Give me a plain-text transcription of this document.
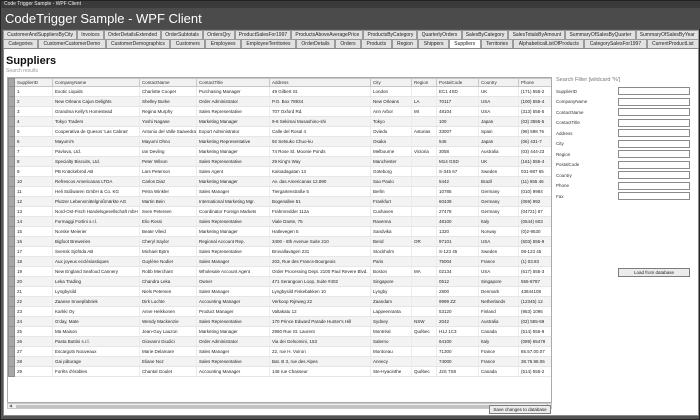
Code Trigger Sample - WPF Client
CodeTrigger Sample - WPF Client
CustomerAndSuppliersByCity	Invoices	OrderDetailsExtended	OrderSubtotals	OrdersQry	ProductSalesFor1997	ProductsAboveAveragePrice	ProductsByCategory	QuarterlyOrders	SalesByCategory	SalesTotalsByAmount	SummaryOfSalesByQuarter	SummaryOfSalesByYear
Categories	CustomerCustomerDemo	CustomerDemographics	Customers	Employees	EmployeeTerritories	OrderDetails	Orders	Products	Region	Shippers	Suppliers	Territories	AlphabeticalListOfProducts	CategorySalesFor1997	CurrentProductList
Suppliers
Search results
	SupplierID	CompanyName	ContactName	ContactTitle	Address	City	Region	PostalCode	Country	Phone
	1	Exotic Liquids	Charlotte Cooper	Purchasing Manager	49 Gilbert St.	London		EC1 4SD	UK	(171) 555-2
	2	New Orleans Cajun Delights	Shelley Burke	Order Administrator	P.O. Box 78934	New Orleans	LA	70117	USA	(100) 555-4
	3	Grandma Kelly's Homestead	Regina Murphy	Sales Representative	707 Oxford Rd.	Ann Arbor	MI	48104	USA	(313) 555-5
	4	Tokyo Traders	Yoshi Nagase	Marketing Manager	9-8 Sekimai Musashino-shi	Tokyo		100	Japan	(03) 3555-5
	5	Cooperativa de Quesos 'Las Cabras'	Antonio del Valle Saavedra	Export Administrator	Calle del Rosal 4	Oviedo	Asturias	33007	Spain	(98) 598 76
	6	Mayumi's	Mayumi Ohno	Marketing Representative	92 Setsuko Chuo-ku	Osaka		545	Japan	(06) 431-7
	7	Pavlova, Ltd.	Ian Devling	Marketing Manager	74 Rose St. Moonie Ponds	Melbourne	Victoria	3058	Australia	(03) 444-23
	8	Specialty Biscuits, Ltd.	Peter Wilson	Sales Representative	29 King's Way	Manchester		M14 GSD	UK	(161) 555-4
	9	PB Knäckebröd AB	Lars Peterson	Sales Agent	Kaloadagatan 13	Göteborg		S-345 67	Sweden	031-987 65
	10	Refrescos Americanas LTDA	Carlos Diaz	Marketing Manager	Av. das Americanas 12.890	Sao Paulo		5442	Brazil	(11) 555 46
	11	Heli Süßwaren GmbH & Co. KG	Petra Winkler	Sales Manager	Tiergartenstraße 5	Berlin		10785	Germany	(010) 9984
	12	Plutzer Lebensmittelgroßmärkte AG	Martin Bein	International Marketing Mgr.	Bogenallee 51	Frankfurt		60439	Germany	(069) 992
	13	Nord-Ost-Fisch Handelsgesellschaft mbH	Sven Petersen	Coordinator Foreign Markets	Frahmredder 112a	Cuxhaven		27478	Germany	(04721) 87
	14	Formaggi Fortini s.r.l.	Elio Rossi	Sales Representative	Viale Dante, 75	Ravenna		48100	Italy	(0544) 603
	15	Norske Meierier	Beate Vileid	Marketing Manager	Hatlevegen 5	Sandvika		1320	Norway	(0)2-9530
	16	Bigfoot Breweries	Cheryl Saylor	Regional Account Rep.	3400 - 8th Avenue Suite 210	Bend	OR	97101	USA	(503) 555-9
	17	Svensk Sjöföda AB	Michael Björn	Sales Representative	Brovallavägen 231	Stockholm		S-123 45	Sweden	08-123 45
	18	Aux joyeux ecclésiastiques	Guylène Nodier	Sales Manager	203, Rue des Francs-Bourgeois	Paris		75004	France	(1) 03.83
	19	New England Seafood Cannery	Robb Merchant	Wholesale Account Agent	Order Processing Dept. 2100 Paul Revere Blvd.	Boston	MA	02134	USA	(617) 555-3
	20	Leka Trading	Chandra Leka	Owner	471 Serangoon Loop, Suite #402	Singapore		0512	Singapore	555-8787
	21	Lyngbysild	Niels Petersen	Sales Manager	Lyngbysild Fiskebakken 10	Lyngby		2800	Denmark	43844108
	22	Zaanse Snoepfabriek	Dirk Luchte	Accounting Manager	Verkoop Rijnweg 22	Zaandam		9999 ZZ	Netherlands	(12345) 12
	23	Karkki Oy	Anne Heikkonen	Product Manager	Valtakatu 12	Lappeenranta		53120	Finland	(953) 1095
	24	G'day, Mate	Wendy Mackenzie	Sales Representative	170 Prince Edward Parade Hunter's Hill	Sydney	NSW	2042	Australia	(02) 555-59
	25	Ma Maison	Jean-Guy Lauzon	Marketing Manager	2960 Rue St. Laurent	Montréal	Québec	H1J 1C3	Canada	(514) 555-9
	26	Pasta Buttini s.r.l.	Giovanni Giudici	Order Administrator	Via dei Gelsomini, 153	Salerno		84100	Italy	(089) 65478
	27	Escargots Nouveaux	Marie Delamare	Sales Manager	22, rue H. Voiron	Montceau		71300	France	85.57.00.07
	28	Gai pâturage	Eliane Noz	Sales Representative	Bat. B 3, rue des Alpes	Annecy		74000	France	38.76.98.06
	29	Forêts d'érables	Chantal Goulet	Accounting Manager	148 rue Chasseur	Ste-Hyacinthe	Québec	J2S 7S8	Canada	(514) 555-2
◀
Search Filter [wildcard '%']
SupplierID
CompanyName
ContactName
ContactTitle
Address
City
Region
PostalCode
Country
Phone
Fax
Load from database
Save changes to database
